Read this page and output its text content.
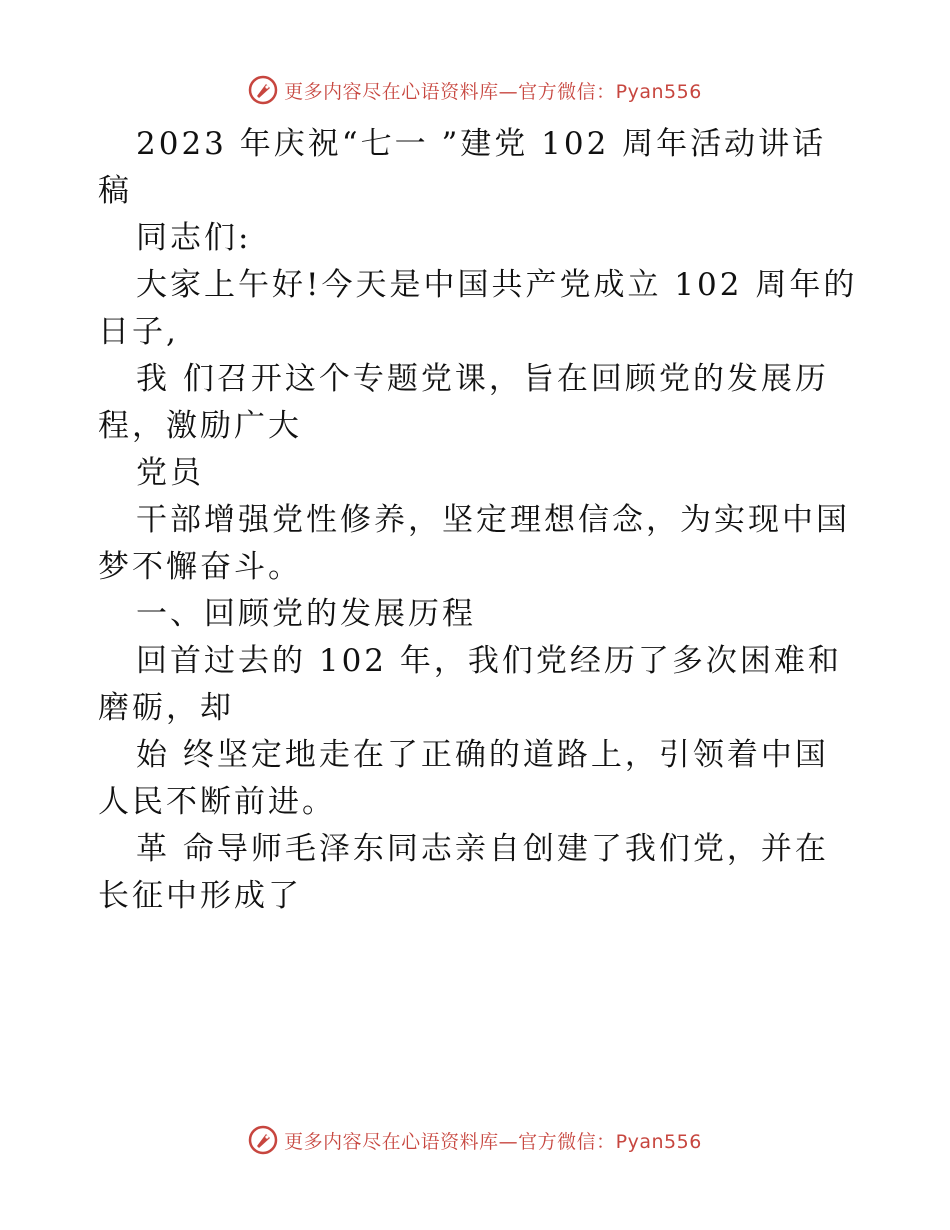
更多内容尽在心语资料库—官方微信：Pyan556

2023 年庆祝“七一 ”建党 102 周年活动讲话稿

同志们:

大家上午好!今天是中国共产党成立 102 周年的日子,

我 们召开这个专题党课，旨在回顾党的发展历程，激励广大

党员

干部增强党性修养，坚定理想信念，为实现中国梦不懈奋斗。

一、回顾党的发展历程

回首过去的 102 年，我们党经历了多次困难和磨砺，却

始 终坚定地走在了正确的道路上，引领着中国人民不断前进。

革 命导师毛泽东同志亲自创建了我们党，并在长征中形成了

更多内容尽在心语资料库—官方微信：Pyan556
